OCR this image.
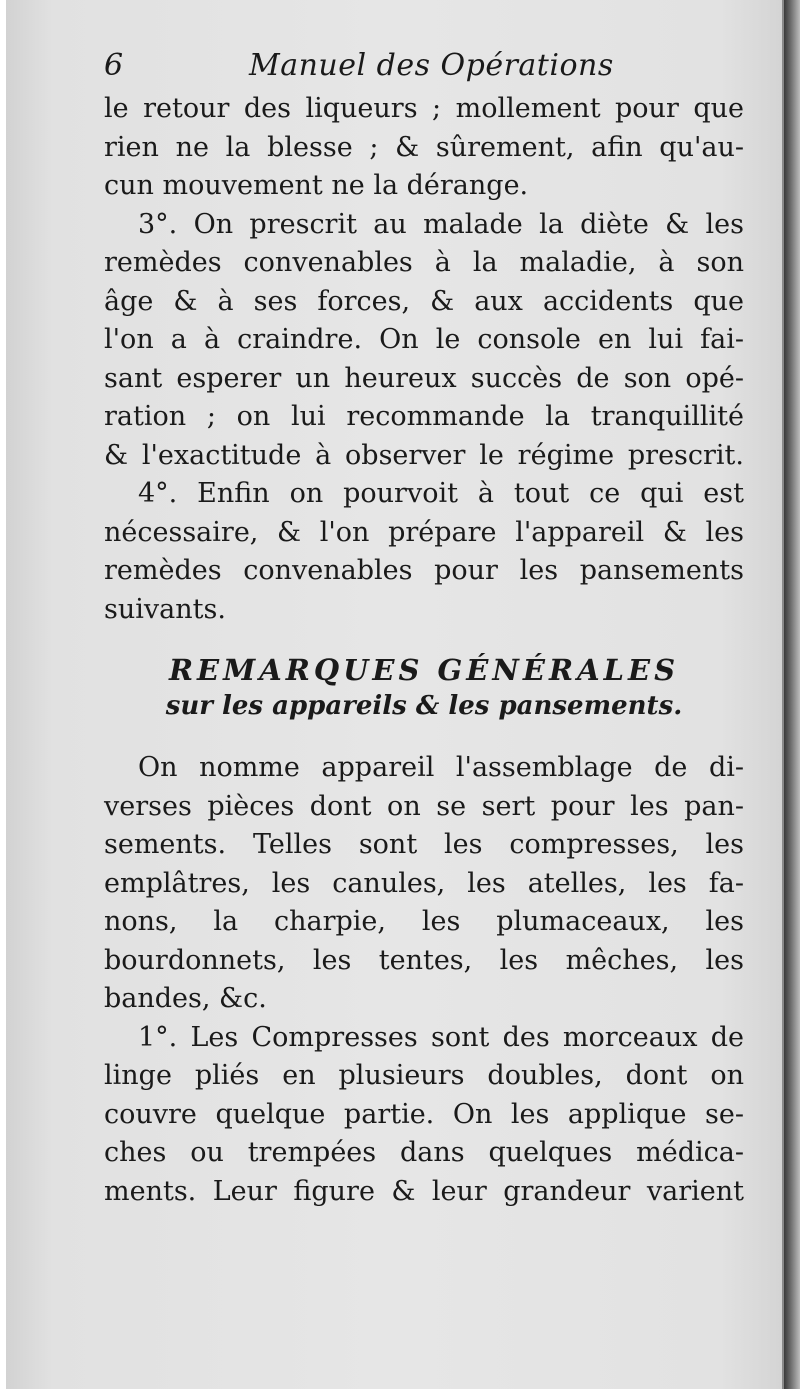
6	Manuel des Opérations
le retour des liqueurs ; mollement pour que
rien ne la blesse ; & sûrement, afin qu'au-
cun mouvement ne la dérange.
3°. On prescrit au malade la diète & les
remèdes convenables à la maladie, à son
âge & à ses forces, & aux accidents que
l'on a à craindre. On le console en lui fai-
sant esperer un heureux succès de son opé-
ration ; on lui recommande la tranquillité
& l'exactitude à observer le régime prescrit.
4°. Enfin on pourvoit à tout ce qui est
nécessaire, & l'on prépare l'appareil & les
remèdes convenables pour les pansements
suivants.
REMARQUES GÉNÉRALES
sur les appareils & les pansements.
On nomme appareil l'assemblage de di-
verses pièces dont on se sert pour les pan-
sements. Telles sont les compresses, les
emplâtres, les canules, les atelles, les fa-
nons, la charpie, les plumaceaux, les
bourdonnets, les tentes, les mêches, les
bandes, &c.
1°. Les Compresses sont des morceaux de
linge pliés en plusieurs doubles, dont on
couvre quelque partie. On les applique se-
ches ou trempées dans quelques médica-
ments. Leur figure & leur grandeur varient
